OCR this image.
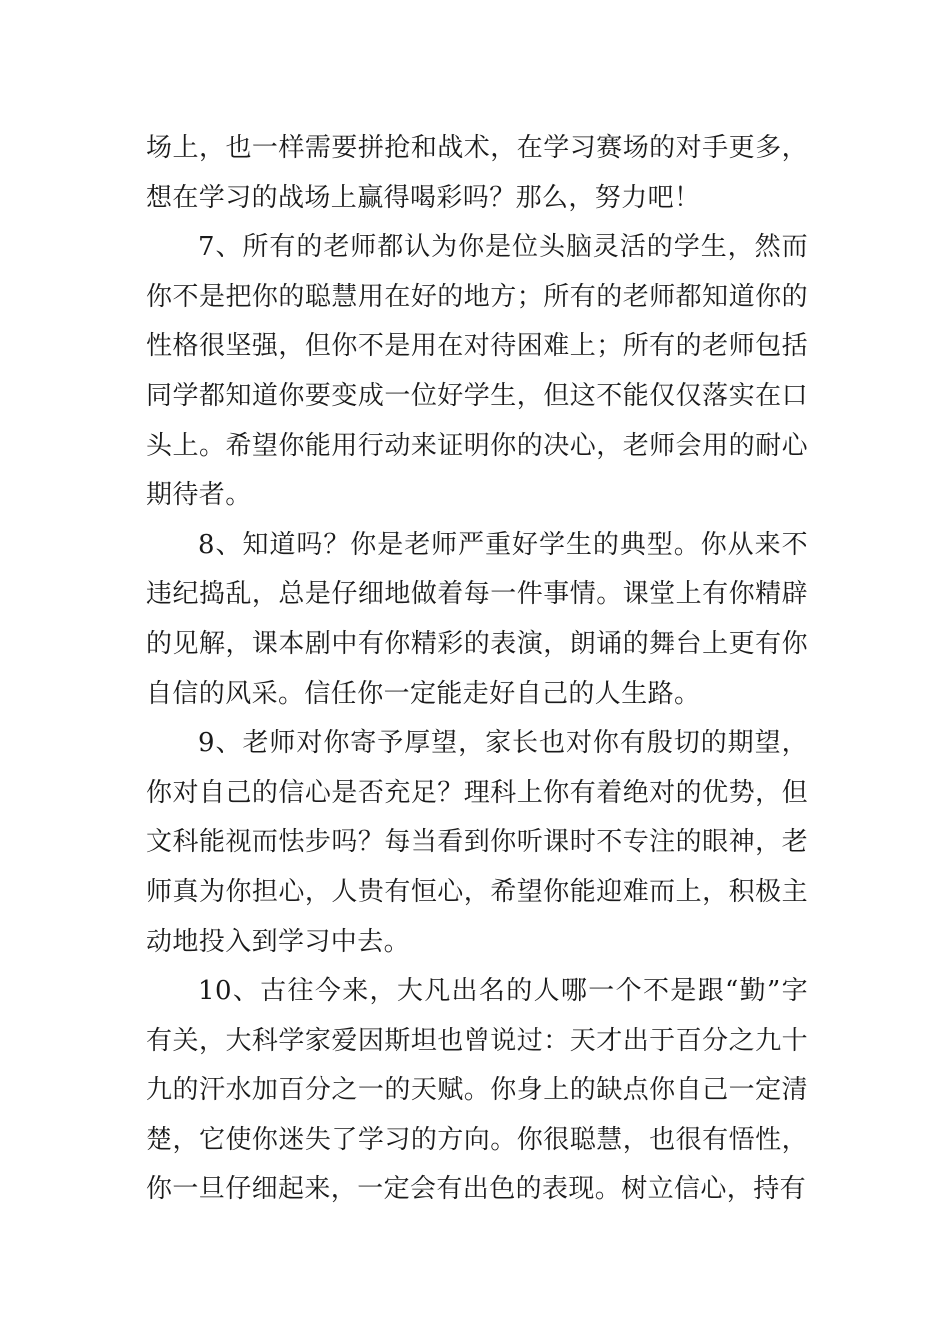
场上，也一样需要拼抢和战术，在学习赛场的对手更多，想在学习的战场上赢得喝彩吗？那么，努力吧！

7、所有的老师都认为你是位头脑灵活的学生，然而你不是把你的聪慧用在好的地方；所有的老师都知道你的性格很坚强，但你不是用在对待困难上；所有的老师包括同学都知道你要变成一位好学生，但这不能仅仅落实在口头上。希望你能用行动来证明你的决心，老师会用的耐心期待者。

8、知道吗？你是老师严重好学生的典型。你从来不违纪捣乱，总是仔细地做着每一件事情。课堂上有你精辟的见解，课本剧中有你精彩的表演，朗诵的舞台上更有你自信的风采。信任你一定能走好自己的人生路。

9、老师对你寄予厚望，家长也对你有殷切的期望，你对自己的信心是否充足？理科上你有着绝对的优势，但文科能视而怯步吗？每当看到你听课时不专注的眼神，老师真为你担心，人贵有恒心，希望你能迎难而上，积极主动地投入到学习中去。

10、古往今来，大凡出名的人哪一个不是跟“勤”字有关，大科学家爱因斯坦也曾说过：天才出于百分之九十九的汗水加百分之一的天赋。你身上的缺点你自己一定清楚，它使你迷失了学习的方向。你很聪慧，也很有悟性，你一旦仔细起来，一定会有出色的表现。树立信心，持有
